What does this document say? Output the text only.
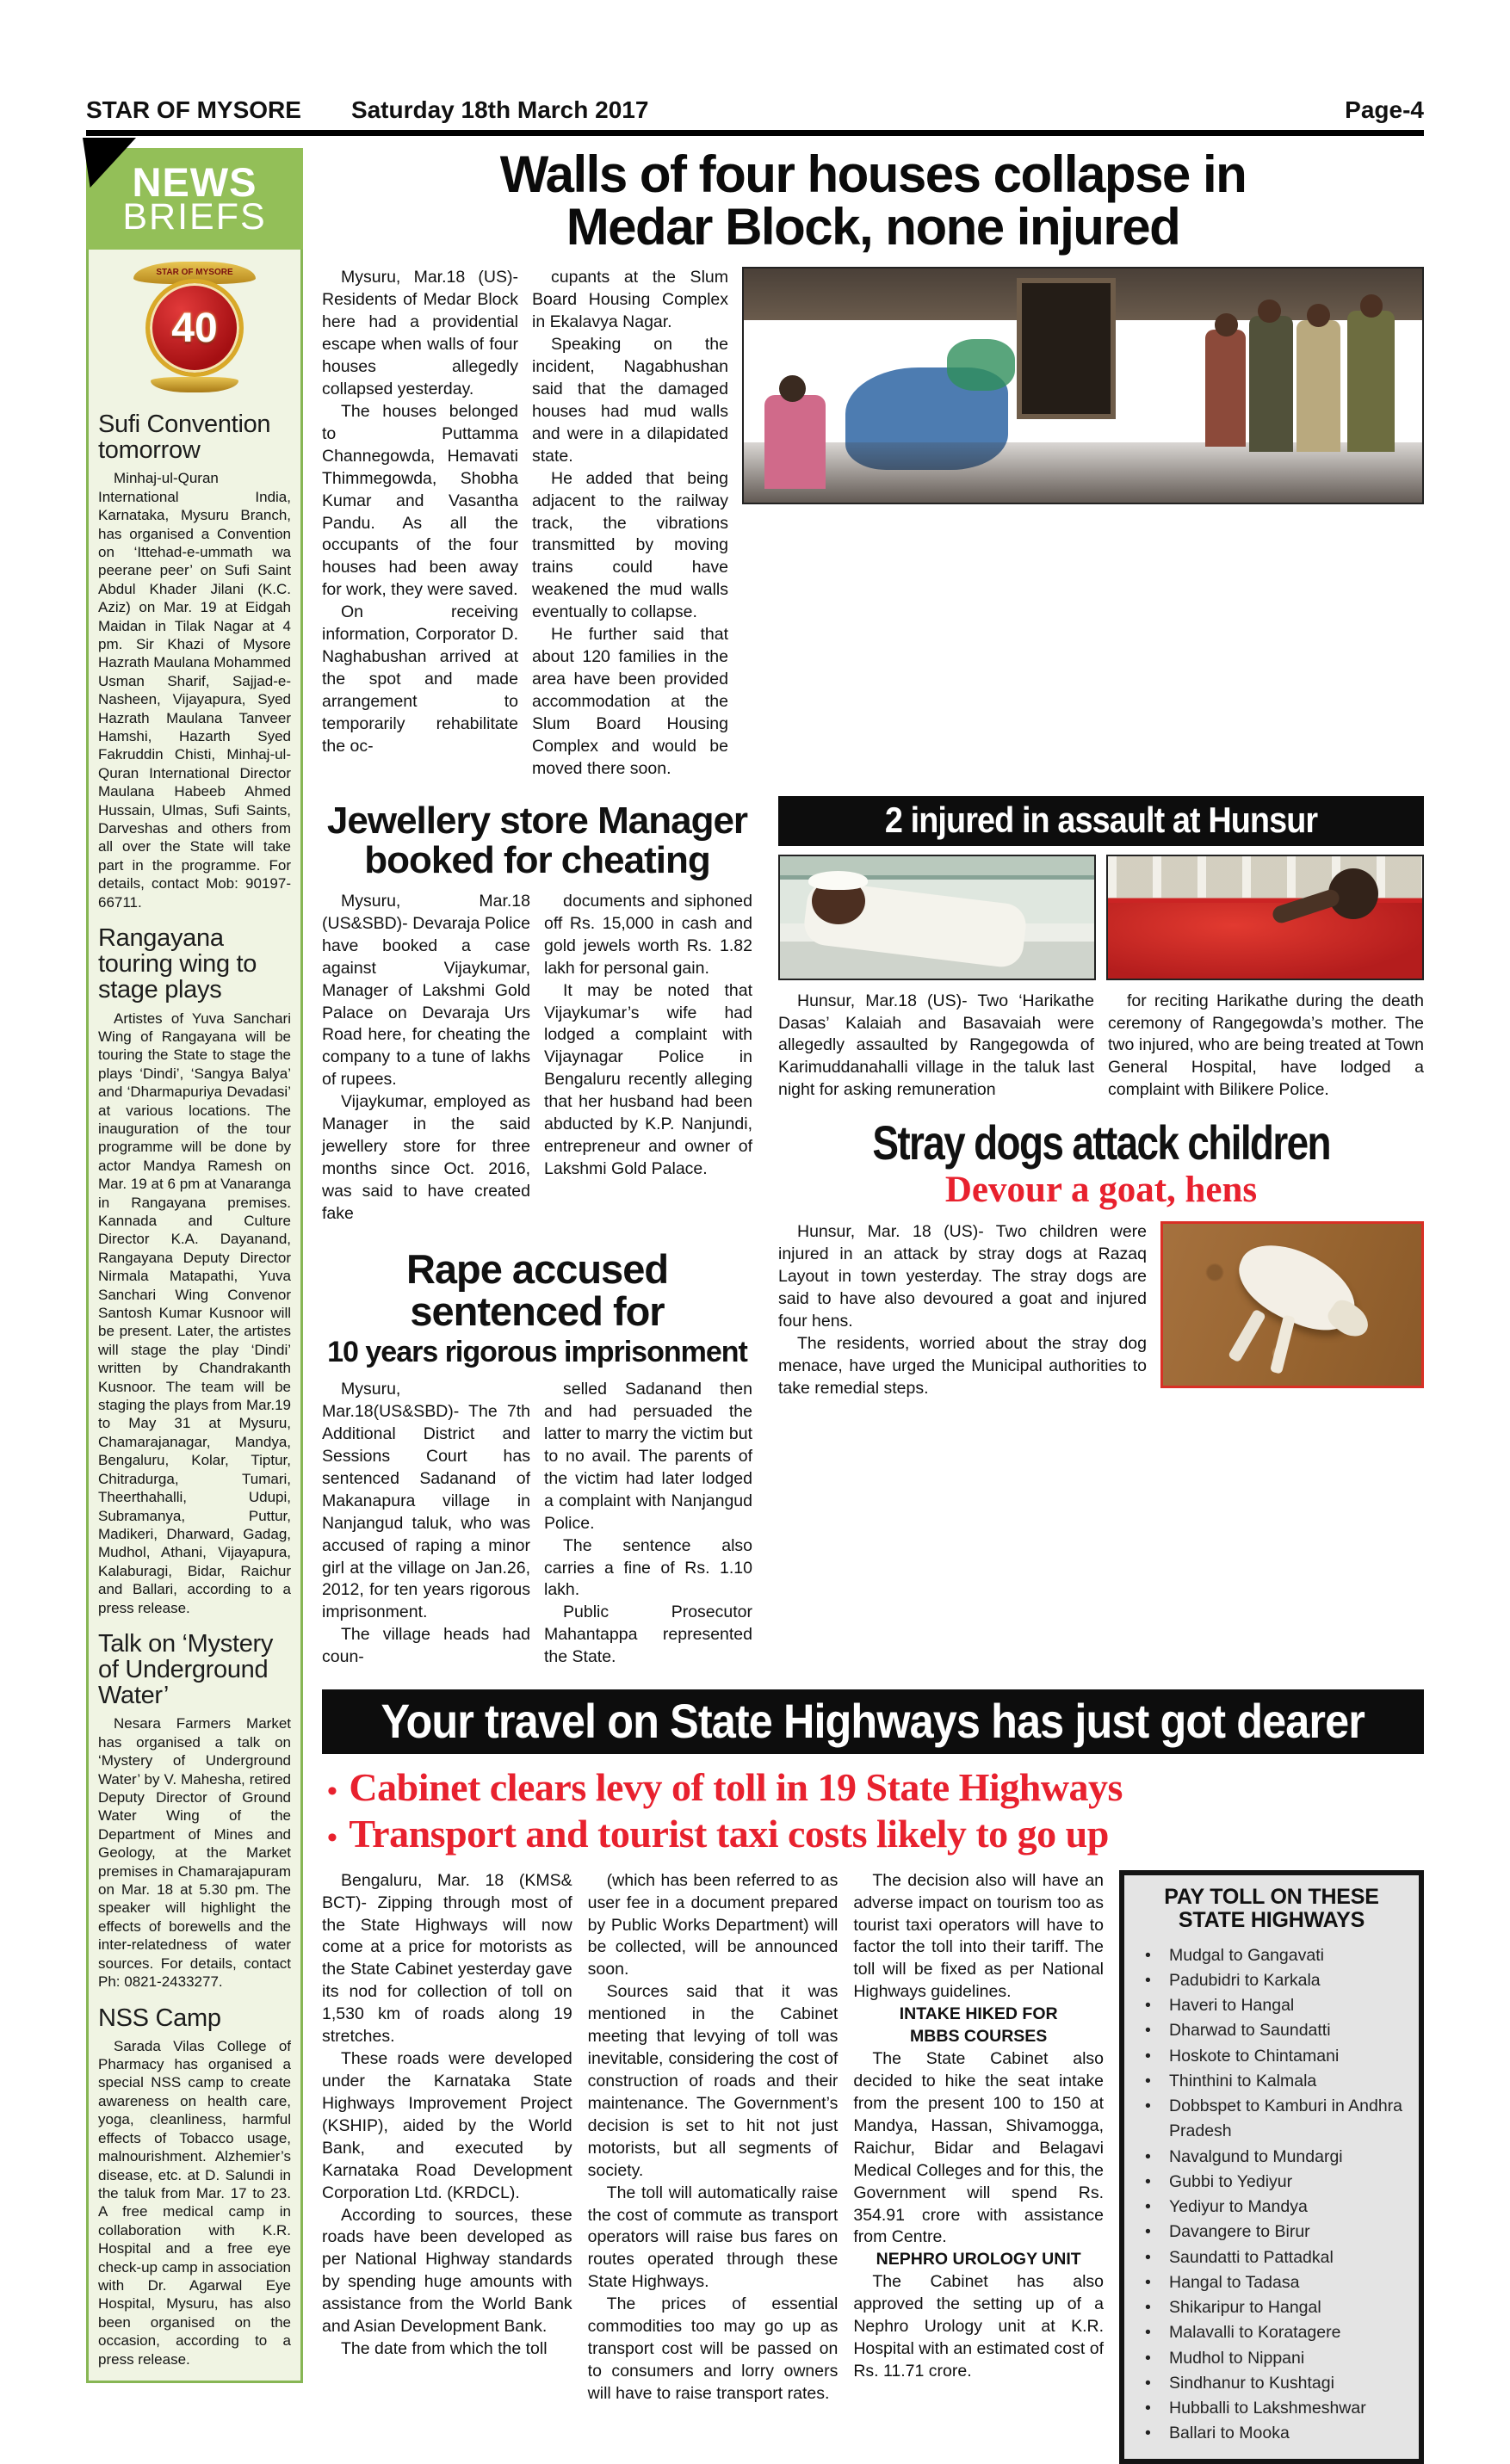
STAR OF MYSORE Saturday 18th March 2017	Page-4
NEWS
BRIEFS
STAR OF MYSORE
40
Sufi Convention tomorrow

Minhaj-ul-Quran International India, Karnataka, Mysuru Branch, has organised a Convention on ‘Ittehad-e-ummath wa peerane peer’ on Sufi Saint Abdul Khader Jilani (K.C. Aziz) on Mar. 19 at Eidgah Maidan in Tilak Nagar at 4 pm. Sir Khazi of Mysore Hazrath Maulana Mohammed Usman Sharif, Sajjad-e-Nasheen, Vijayapura, Syed Hazrath Maulana Tanveer Hamshi, Hazarth Syed Fakruddin Chisti, Minhaj-ul-Quran International Director Maulana Habeeb Ahmed Hussain, Ulmas, Sufi Saints, Darveshas and others from all over the State will take part in the programme. For details, contact Mob: 90197-66711.

Rangayana touring wing to stage plays

Artistes of Yuva Sanchari Wing of Rangayana will be touring the State to stage the plays ‘Dindi’, ‘Sangya Balya’ and ‘Dharmapuriya Devadasi’ at various locations. The inauguration of the tour programme will be done by actor Mandya Ramesh on Mar. 19 at 6 pm at Vanaranga in Rangayana premises. Kannada and Culture Director K.A. Dayanand, Rangayana Deputy Director Nirmala Matapathi, Yuva Sanchari Wing Convenor Santosh Kumar Kusnoor will be present. Later, the artistes will stage the play ‘Dindi’ written by Chandrakanth Kusnoor. The team will be staging the plays from Mar.19 to May 31 at Mysuru, Chamarajanagar, Mandya, Bengaluru, Kolar, Tiptur, Chitradurga, Tumari, Theerthahalli, Udupi, Subramanya, Puttur, Madikeri, Dharward, Gadag, Mudhol, Athani, Vijayapura, Kalaburagi, Bidar, Raichur and Ballari, according to a press release.

Talk on ‘Mystery of Underground Water’

Nesara Farmers Market has organised a talk on ‘Mystery of Underground Water’ by V. Mahesha, retired Deputy Director of Ground Water Wing of the Department of Mines and Geology, at the Market premises in Chamarajapuram on Mar. 18 at 5.30 pm. The speaker will highlight the effects of borewells and the inter-relatedness of water sources. For details, contact Ph: 0821-2433277.

NSS Camp

Sarada Vilas College of Pharmacy has organised a special NSS camp to create awareness on health care, yoga, cleanliness, harmful effects of Tobacco usage, malnourishment. Alzhemier’s disease, etc. at D. Salundi in the taluk from Mar. 17 to 23. A free medical camp in collaboration with K.R. Hospital and a free eye check-up camp in association with Dr. Agarwal Eye Hospital, Mysuru, has also been organised on the occasion, according to a press release.

Walls of four houses collapse in
Medar Block, none injured

Mysuru, Mar.18 (US)- Residents of Medar Block here had a providential escape when walls of four houses allegedly collapsed yesterday.

The houses belonged to Puttamma Channegowda, Hemavati Thimmegowda, Shobha Kumar and Vasantha Pandu. As all the occupants of the four houses had been away for work, they were saved.

On receiving information, Corporator D. Naghabushan arrived at the spot and made arrangement to temporarily rehabilitate the oc-

cupants at the Slum Board Housing Complex in Ekalavya Nagar.

Speaking on the incident, Nagabhushan said that the damaged houses had mud walls and were in a dilapidated state.

He added that being adjacent to the railway track, the vibrations transmitted by moving trains could have weakened the mud walls eventually to collapse.

He further said that about 120 families in the area have been provided accommodation at the Slum Board Housing Complex and would be moved there soon.

Jewellery store Manager
booked for cheating

Mysuru, Mar.18 (US&SBD)- Devaraja Police have booked a case against Vijaykumar, Manager of Lakshmi Gold Palace on Devaraja Urs Road here, for cheating the company to a tune of lakhs of rupees.

Vijaykumar, employed as Manager in the said jewellery store for three months since Oct. 2016, was said to have created fake

documents and siphoned off Rs. 15,000 in cash and gold jewels worth Rs. 1.82 lakh for personal gain.

It may be noted that Vijaykumar’s wife had lodged a complaint with Vijaynagar Police in Bengaluru recently alleging that her husband had been abducted by K.P. Nanjundi, entrepreneur and owner of Lakshmi Gold Palace.

Rape accused sentenced for
10 years rigorous imprisonment

Mysuru, Mar.18(US&SBD)- The 7th Additional District and Sessions Court has sentenced Sadanand of Makanapura village in Nanjangud taluk, who was accused of raping a minor girl at the village on Jan.26, 2012, for ten years rigorous imprisonment.

The village heads had coun-

selled Sadanand then and had persuaded the latter to marry the victim but to no avail. The parents of the victim had later lodged a complaint with Nanjangud Police.

The sentence also carries a fine of Rs. 1.10 lakh.

Public Prosecutor Mahantappa represented the State.

2 injured in assault at Hunsur

Hunsur, Mar.18 (US)- Two ‘Harikathe Dasas’ Kalaiah and Basavaiah were allegedly assaulted by Rangegowda of Karimuddanahalli village in the taluk last night for asking remuneration

for reciting Harikathe during the death ceremony of Rangegowda’s mother. The two injured, who are being treated at Town General Hospital, have lodged a complaint with Bilikere Police.

Stray dogs attack children
Devour a goat, hens

Hunsur, Mar. 18 (US)- Two children were injured in an attack by stray dogs at Razaq Layout in town yesterday. The stray dogs are said to have also devoured a goat and injured four hens.

The residents, worried about the stray dog menace, have urged the Municipal authorities to take remedial steps.

Your travel on State Highways has just got dearer
• Cabinet clears levy of toll in 19 State Highways
• Transport and tourist taxi costs likely to go up

Bengaluru, Mar. 18 (KMS& BCT)- Zipping through most of the State Highways will now come at a price for motorists as the State Cabinet yesterday gave its nod for collection of toll on 1,530 km of roads along 19 stretches.

These roads were developed under the Karnataka State Highways Improvement Project (KSHIP), aided by the World Bank, and executed by Karnataka Road Development Corporation Ltd. (KRDCL).

According to sources, these roads have been developed as per National Highway standards by spending huge amounts with assistance from the World Bank and Asian Development Bank.

The date from which the toll

(which has been referred to as user fee in a document prepared by Public Works Department) will be collected, will be announced soon.

Sources said that it was mentioned in the Cabinet meeting that levying of toll was inevitable, considering the cost of construction of roads and their maintenance. The Government’s decision is set to hit not just motorists, but all segments of society.

The toll will automatically raise the cost of commute as transport operators will raise bus fares on routes operated through these State Highways.

The prices of essential commodities too may go up as transport cost will be passed on to consumers and lorry owners will have to raise transport rates.

The decision also will have an adverse impact on tourism too as tourist taxi operators will have to factor the toll into their tariff. The toll will be fixed as per National Highways guidelines.

INTAKE HIKED FOR

MBBS COURSES

The State Cabinet also decided to hike the seat intake from the present 100 to 150 at Mandya, Hassan, Shivamogga, Raichur, Bidar and Belagavi Medical Colleges and for this, the Government will spend Rs. 354.91 crore with assistance from Centre.

NEPHRO UROLOGY UNIT

The Cabinet has also approved the setting up of a Nephro Urology unit at K.R. Hospital with an estimated cost of Rs. 11.71 crore.

PAY TOLL ON THESE
STATE HIGHWAYS
• Mudgal to Gangavati
• Padubidri to Karkala
• Haveri to Hangal
• Dharwad to Saundatti
• Hoskote to Chintamani
• Thinthini to Kalmala
• Dobbspet to Kamburi in Andhra Pradesh
• Navalgund to Mundargi
• Gubbi to Yediyur
• Yediyur to Mandya
• Davangere to Birur
• Saundatti to Pattadkal
• Hangal to Tadasa
• Shikaripur to Hangal
• Malavalli to Koratagere
• Mudhol to Nippani
• Sindhanur to Kushtagi
• Hubballi to Lakshmeshwar
• Ballari to Mooka
